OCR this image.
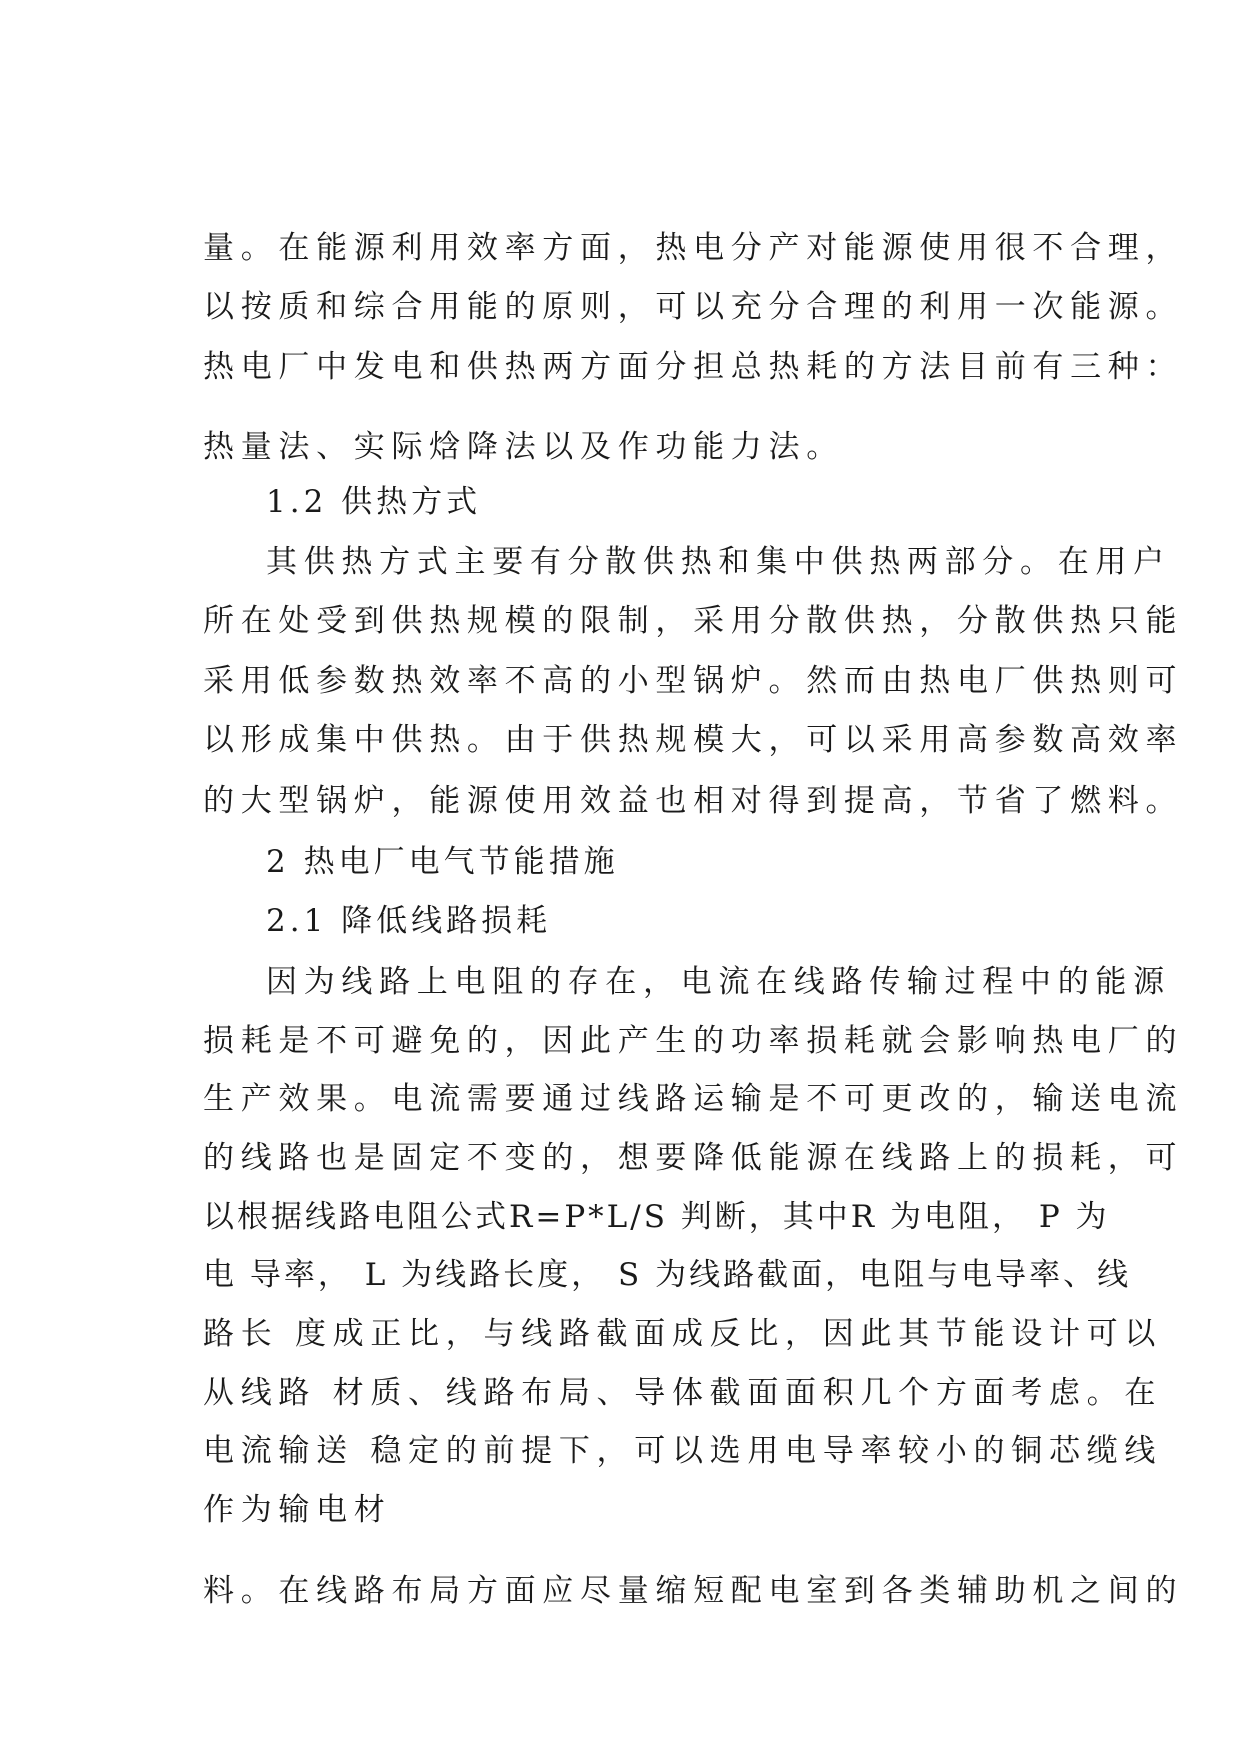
量。在能源利用效率方面，热电分产对能源使用很不合理，
以按质和综合用能的原则，可以充分合理的利用一次能源。
热电厂中发电和供热两方面分担总热耗的方法目前有三种：
热量法、实际焓降法以及作功能力法。
1.2 供热方式
其供热方式主要有分散供热和集中供热两部分。在用户
所在处受到供热规模的限制，采用分散供热，分散供热只能
采用低参数热效率不高的小型锅炉。然而由热电厂供热则可
以形成集中供热。由于供热规模大，可以采用高参数高效率
的大型锅炉，能源使用效益也相对得到提高，节省了燃料。
2 热电厂电气节能措施
2.1 降低线路损耗
因为线路上电阻的存在，电流在线路传输过程中的能源
损耗是不可避免的，因此产生的功率损耗就会影响热电厂的
生产效果。电流需要通过线路运输是不可更改的，输送电流
的线路也是固定不变的，想要降低能源在线路上的损耗，可
以根据线路电阻公式R=P*L/S 判断，其中R 为电阻， P 为
电 导率， L 为线路长度， S 为线路截面，电阻与电导率、线
路长 度成正比，与线路截面成反比，因此其节能设计可以
从线路 材质、线路布局、导体截面面积几个方面考虑。在
电流输送 稳定的前提下，可以选用电导率较小的铜芯缆线
作为输电材
料。在线路布局方面应尽量缩短配电室到各类辅助机之间的
